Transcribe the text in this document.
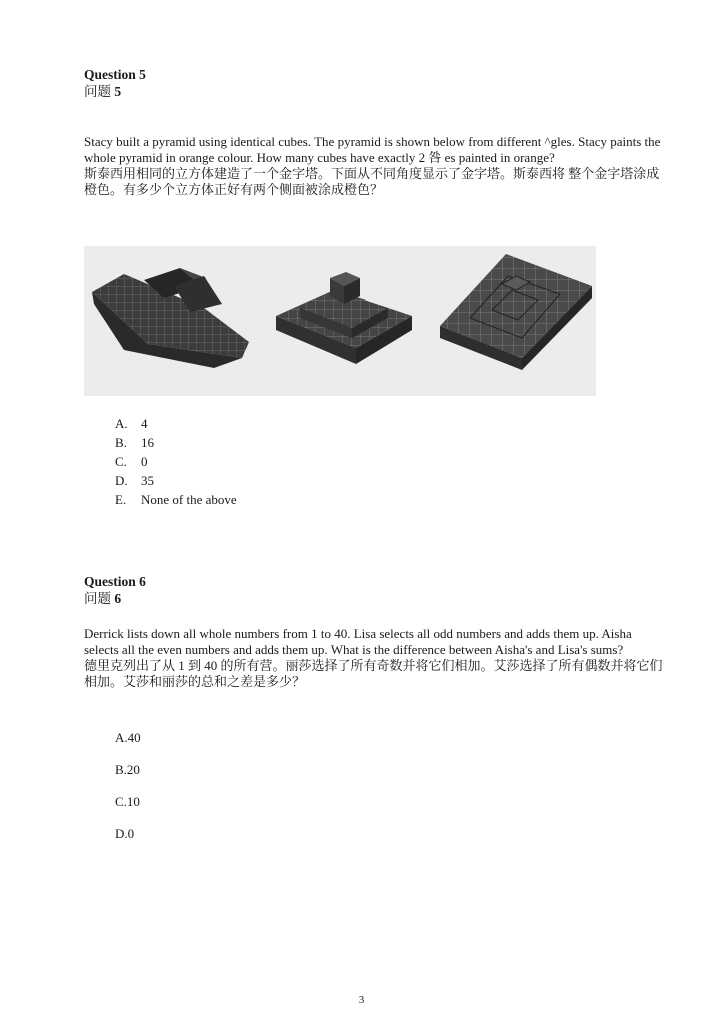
Question 5
问题 5

Stacy built a pyramid using identical cubes. The pyramid is shown below from different ^gles. Stacy paints the whole pyramid in orange colour. How many cubes have exactly 2 咎 es painted in orange?

斯泰西用相同的立方体建造了一个金字塔。下面从不同角度显示了金字塔。斯泰西将 整个金字塔涂成橙色。有多少个立方体正好有两个侧面被涂成橙色？

A. 4
B. 16
C. 0
D. 35
E. None of the above
Question 6
问题 6

Derrick lists down all whole numbers from 1 to 40. Lisa selects all odd numbers and adds them up. Aisha selects all the even numbers and adds them up. What is the difference between Aisha's and Lisa's sums?

德里克列出了从 1 到 40 的所有营。丽莎选择了所有奇数并将它们相加。艾莎选择了所有偶数并将它们相加。艾莎和丽莎的总和之差是多少？

A.40
B.20
C.10
D.0
3
